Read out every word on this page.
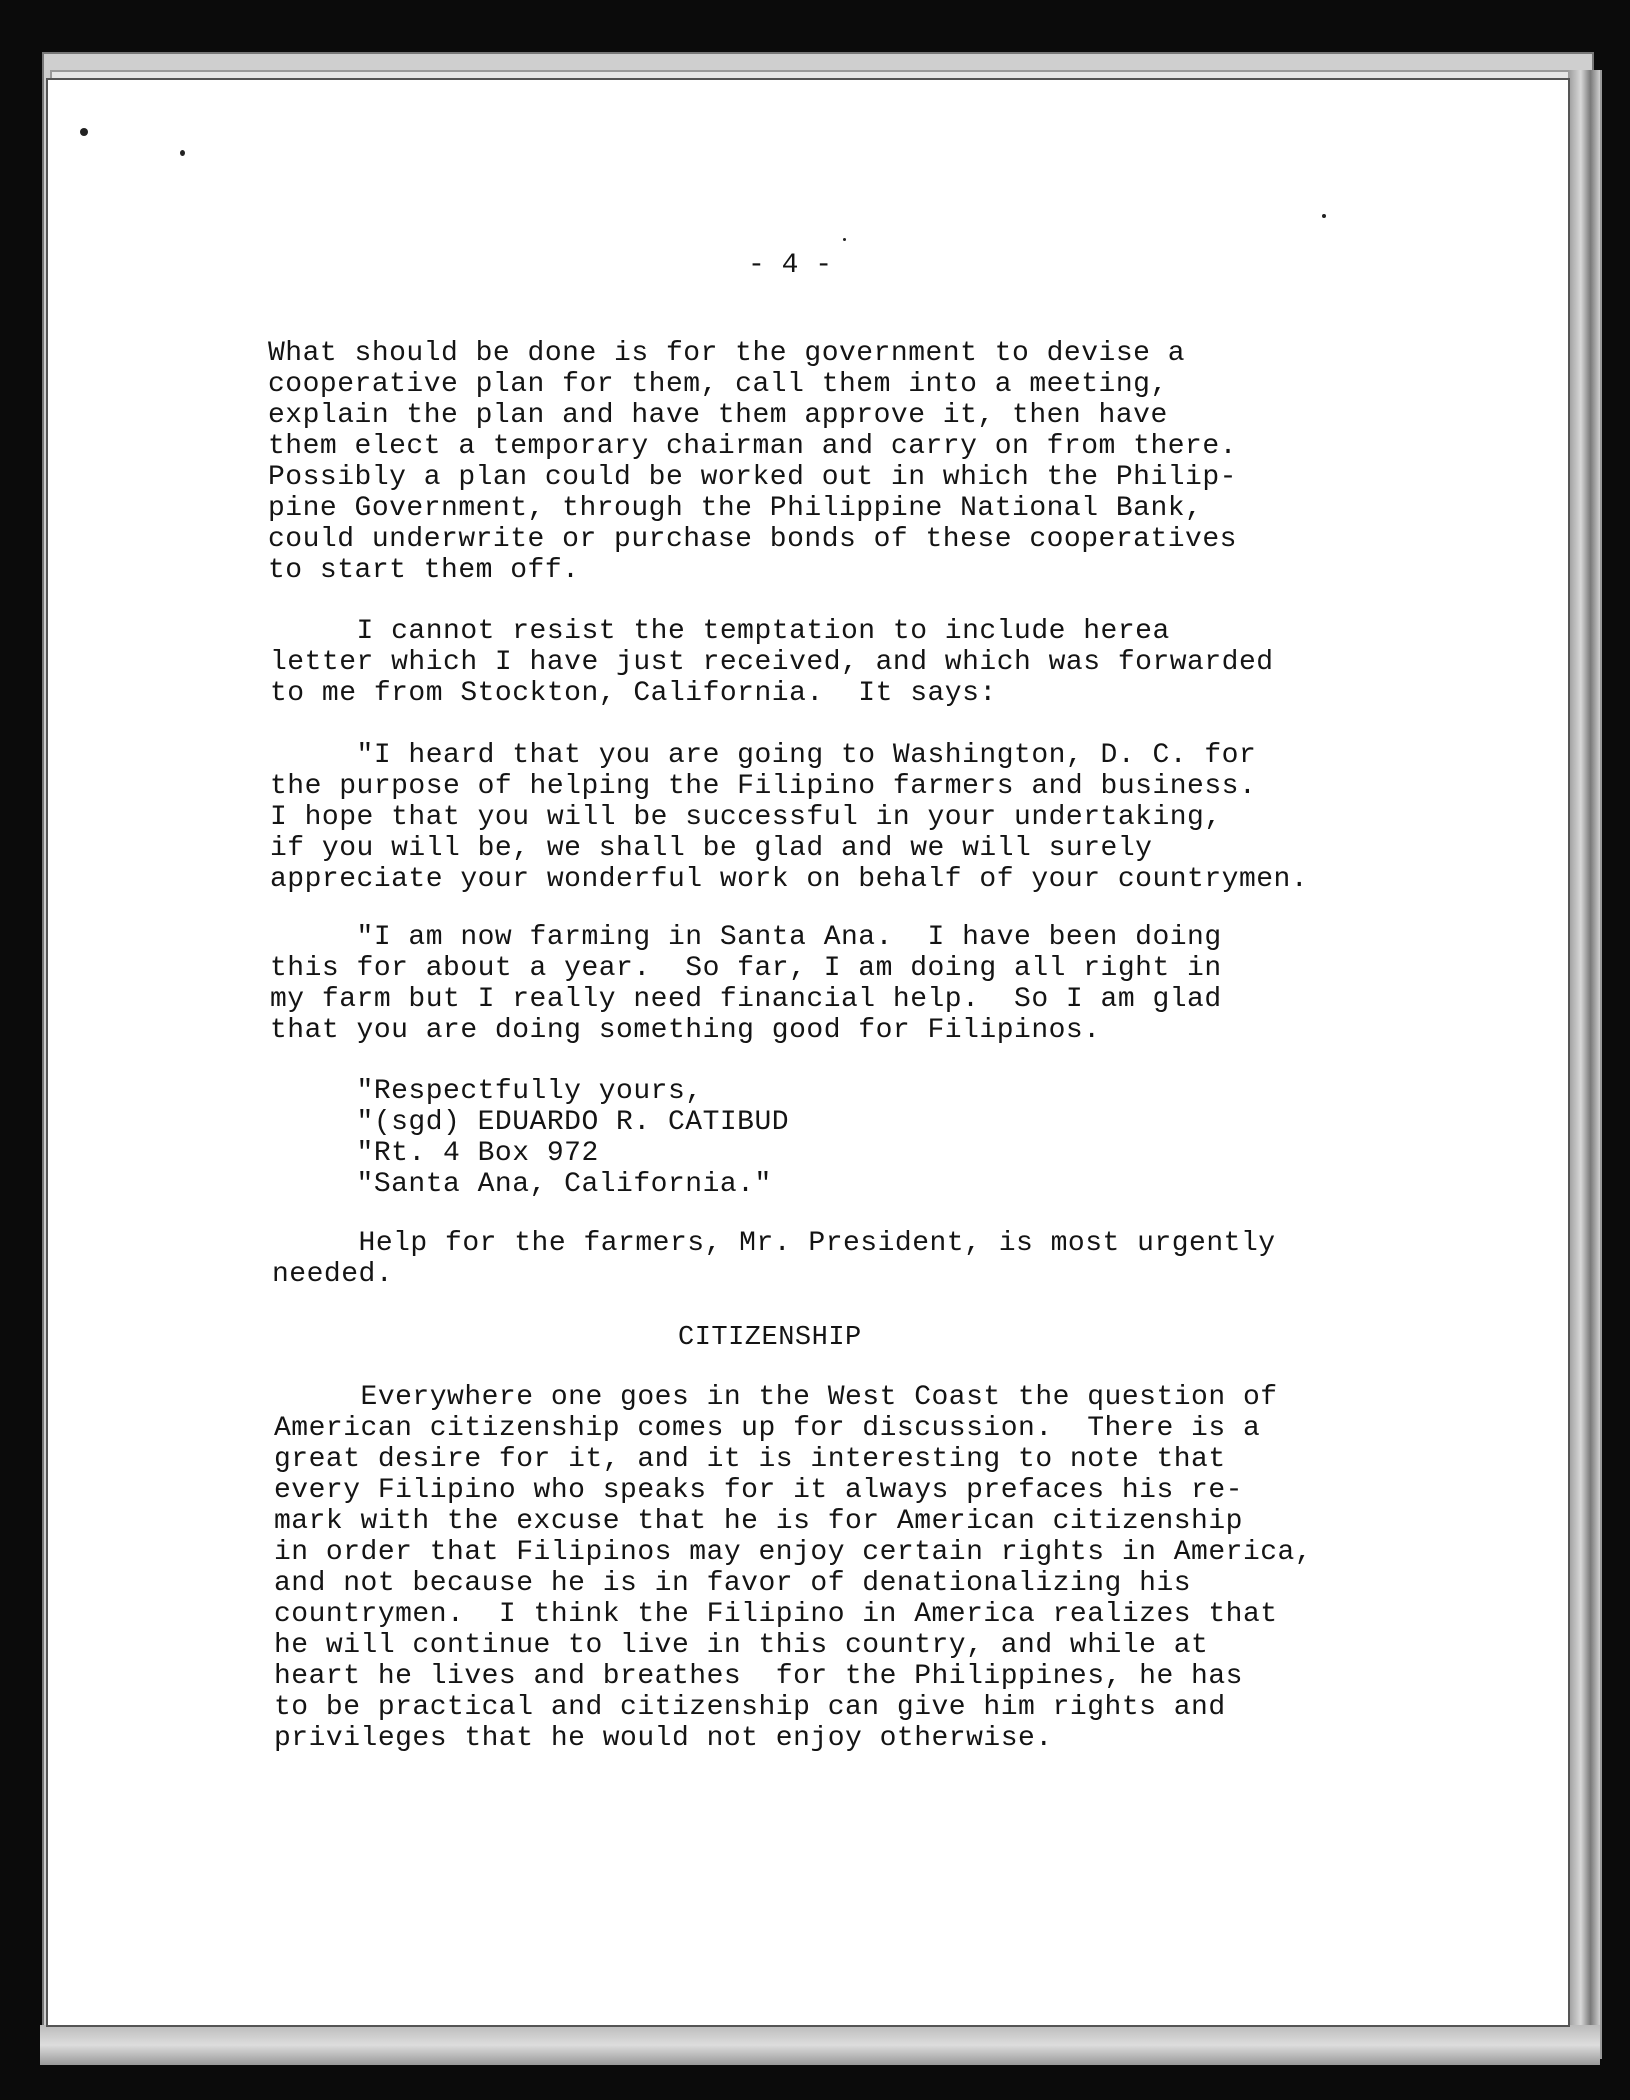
- 4 -
What should be done is for the government to devise a
cooperative plan for them, call them into a meeting,
explain the plan and have them approve it, then have
them elect a temporary chairman and carry on from there.
Possibly a plan could be worked out in which the Philip-
pine Government, through the Philippine National Bank,
could underwrite or purchase bonds of these cooperatives
to start them off.
I cannot resist the temptation to include herea
letter which I have just received, and which was forwarded
to me from Stockton, California.  It says:
"I heard that you are going to Washington, D. C. for
the purpose of helping the Filipino farmers and business.
I hope that you will be successful in your undertaking,
if you will be, we shall be glad and we will surely
appreciate your wonderful work on behalf of your countrymen.
"I am now farming in Santa Ana.  I have been doing
this for about a year.  So far, I am doing all right in
my farm but I really need financial help.  So I am glad
that you are doing something good for Filipinos.
"Respectfully yours,
"(sgd) EDUARDO R. CATIBUD
"Rt. 4 Box 972
"Santa Ana, California."
Help for the farmers, Mr. President, is most urgently
needed.
CITIZENSHIP
Everywhere one goes in the West Coast the question of
American citizenship comes up for discussion.  There is a
great desire for it, and it is interesting to note that
every Filipino who speaks for it always prefaces his re-
mark with the excuse that he is for American citizenship
in order that Filipinos may enjoy certain rights in America,
and not because he is in favor of denationalizing his
countrymen.  I think the Filipino in America realizes that
he will continue to live in this country, and while at
heart he lives and breathes  for the Philippines, he has
to be practical and citizenship can give him rights and
privileges that he would not enjoy otherwise.
